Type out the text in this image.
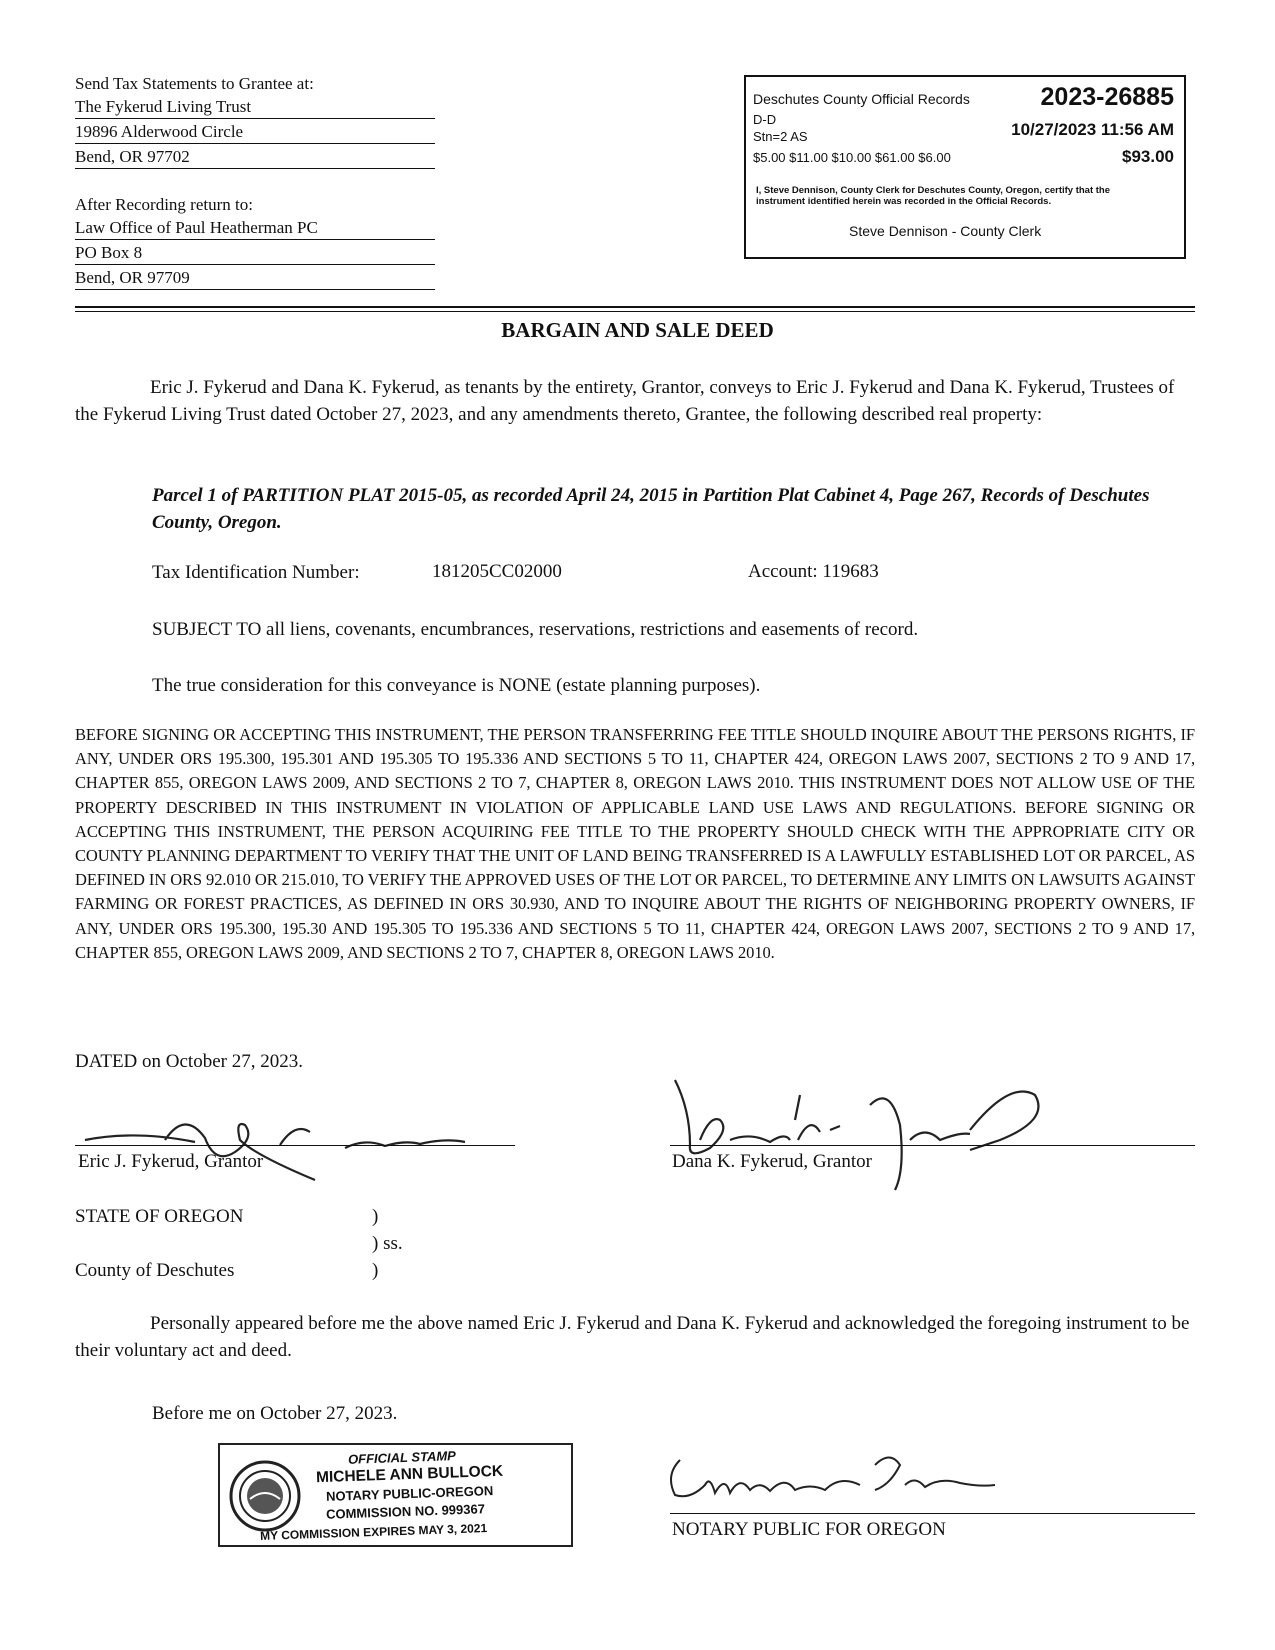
Send Tax Statements to Grantee at:
The Fykerud Living Trust
19896 Alderwood Circle
Bend, OR 97702
After Recording return to:
Law Office of Paul Heatherman PC
PO Box 8
Bend, OR 97709
Deschutes County Official Records	2023-26885
D-D
Stn=2 AS	10/27/2023 11:56 AM
$5.00 $11.00 $10.00 $61.00 $6.00	$93.00
I, Steve Dennison, County Clerk for Deschutes County, Oregon, certify that the instrument identified herein was recorded in the Official Records.
Steve Dennison - County Clerk
BARGAIN AND SALE DEED
Eric J. Fykerud and Dana K. Fykerud, as tenants by the entirety, Grantor, conveys to Eric J. Fykerud and Dana K. Fykerud, Trustees of the Fykerud Living Trust dated October 27, 2023, and any amendments thereto, Grantee, the following described real property:
Parcel 1 of PARTITION PLAT 2015-05, as recorded April 24, 2015 in Partition Plat Cabinet 4, Page 267, Records of Deschutes County, Oregon.
Tax Identification Number:	181205CC02000	Account: 119683
SUBJECT TO all liens, covenants, encumbrances, reservations, restrictions and easements of record.
The true consideration for this conveyance is NONE (estate planning purposes).
BEFORE SIGNING OR ACCEPTING THIS INSTRUMENT, THE PERSON TRANSFERRING FEE TITLE SHOULD INQUIRE ABOUT THE PERSONS RIGHTS, IF ANY, UNDER ORS 195.300, 195.301 AND 195.305 TO 195.336 AND SECTIONS 5 TO 11, CHAPTER 424, OREGON LAWS 2007, SECTIONS 2 TO 9 AND 17, CHAPTER 855, OREGON LAWS 2009, AND SECTIONS 2 TO 7, CHAPTER 8, OREGON LAWS 2010. THIS INSTRUMENT DOES NOT ALLOW USE OF THE PROPERTY DESCRIBED IN THIS INSTRUMENT IN VIOLATION OF APPLICABLE LAND USE LAWS AND REGULATIONS. BEFORE SIGNING OR ACCEPTING THIS INSTRUMENT, THE PERSON ACQUIRING FEE TITLE TO THE PROPERTY SHOULD CHECK WITH THE APPROPRIATE CITY OR COUNTY PLANNING DEPARTMENT TO VERIFY THAT THE UNIT OF LAND BEING TRANSFERRED IS A LAWFULLY ESTABLISHED LOT OR PARCEL, AS DEFINED IN ORS 92.010 OR 215.010, TO VERIFY THE APPROVED USES OF THE LOT OR PARCEL, TO DETERMINE ANY LIMITS ON LAWSUITS AGAINST FARMING OR FOREST PRACTICES, AS DEFINED IN ORS 30.930, AND TO INQUIRE ABOUT THE RIGHTS OF NEIGHBORING PROPERTY OWNERS, IF ANY, UNDER ORS 195.300, 195.30 AND 195.305 TO 195.336 AND SECTIONS 5 TO 11, CHAPTER 424, OREGON LAWS 2007, SECTIONS 2 TO 9 AND 17, CHAPTER 855, OREGON LAWS 2009, AND SECTIONS 2 TO 7, CHAPTER 8, OREGON LAWS 2010.
DATED on October 27, 2023.
Eric J. Fykerud, Grantor	Dana K. Fykerud, Grantor
STATE OF OREGON	)
) ss.
County of Deschutes	)
Personally appeared before me the above named Eric J. Fykerud and Dana K. Fykerud and acknowledged the foregoing instrument to be their voluntary act and deed.
Before me on October 27, 2023.
OFFICIAL STAMP
MICHELE ANN BULLOCK
NOTARY PUBLIC-OREGON
COMMISSION NO. 999367
MY COMMISSION EXPIRES MAY 3, 2021	NOTARY PUBLIC FOR OREGON
